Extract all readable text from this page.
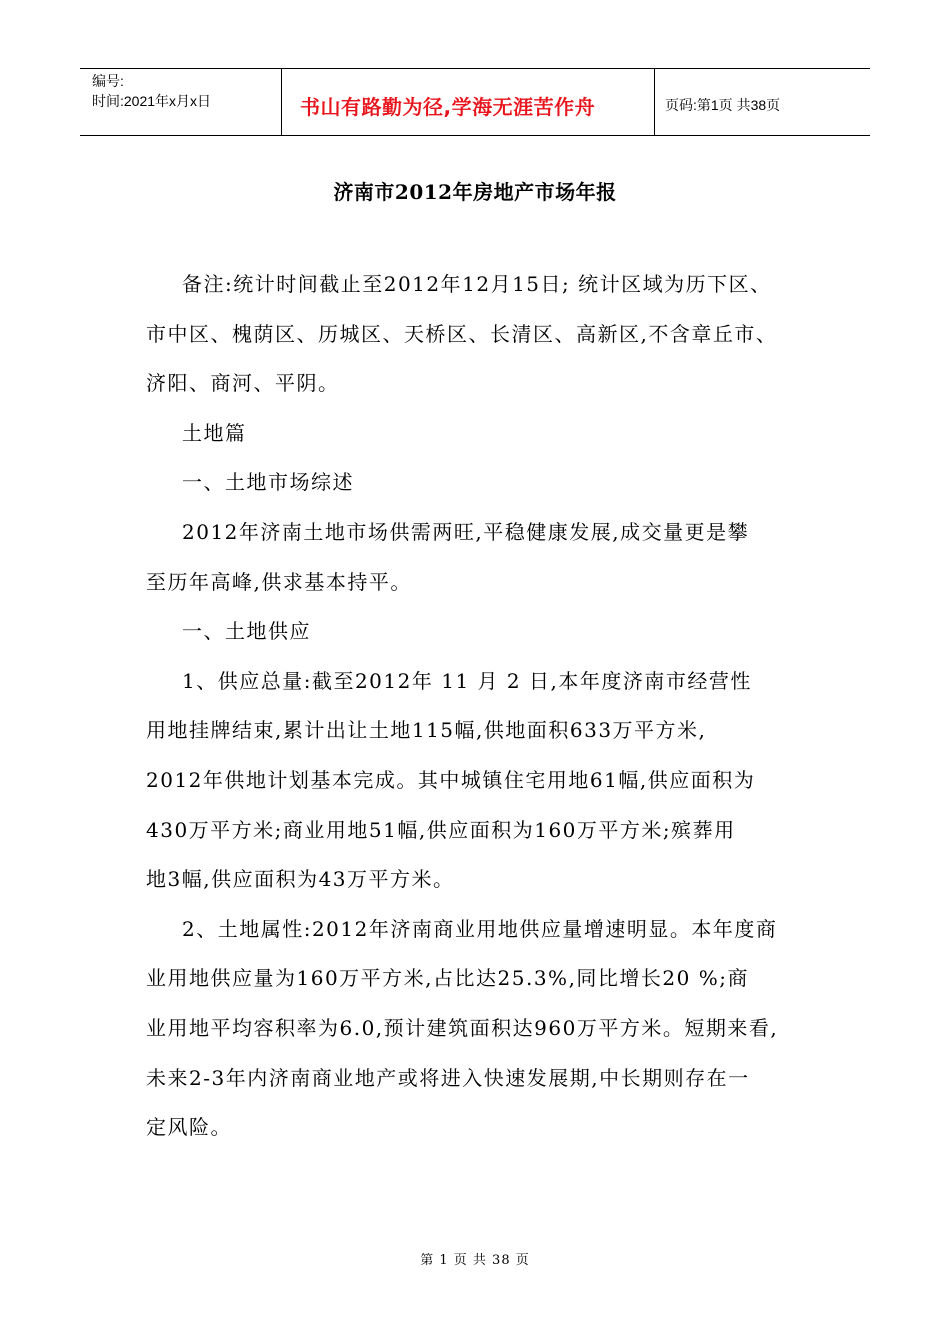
编号:
时间:2021年x月x日	书山有路勤为径,学海无涯苦作舟	页码:第1页 共38页
济南市2012年房地产市场年报
备注:统计时间截止至2012年12月15日; 统计区域为历下区、
市中区、槐荫区、历城区、天桥区、长清区、高新区,不含章丘市、
济阳、商河、平阴。
土地篇
一、土地市场综述
2012年济南土地市场供需两旺,平稳健康发展,成交量更是攀
至历年高峰,供求基本持平。
一、土地供应
1、供应总量:截至2012年 11 月 2 日,本年度济南市经营性
用地挂牌结束,累计出让土地115幅,供地面积633万平方米,
2012年供地计划基本完成。其中城镇住宅用地61幅,供应面积为
430万平方米;商业用地51幅,供应面积为160万平方米;殡葬用
地3幅,供应面积为43万平方米。
2、土地属性:2012年济南商业用地供应量增速明显。本年度商
业用地供应量为160万平方米,占比达25.3%,同比增长20 %;商
业用地平均容积率为6.0,预计建筑面积达960万平方米。短期来看,
未来2-3年内济南商业地产或将进入快速发展期,中长期则存在一
定风险。
第 1 页 共 38 页
